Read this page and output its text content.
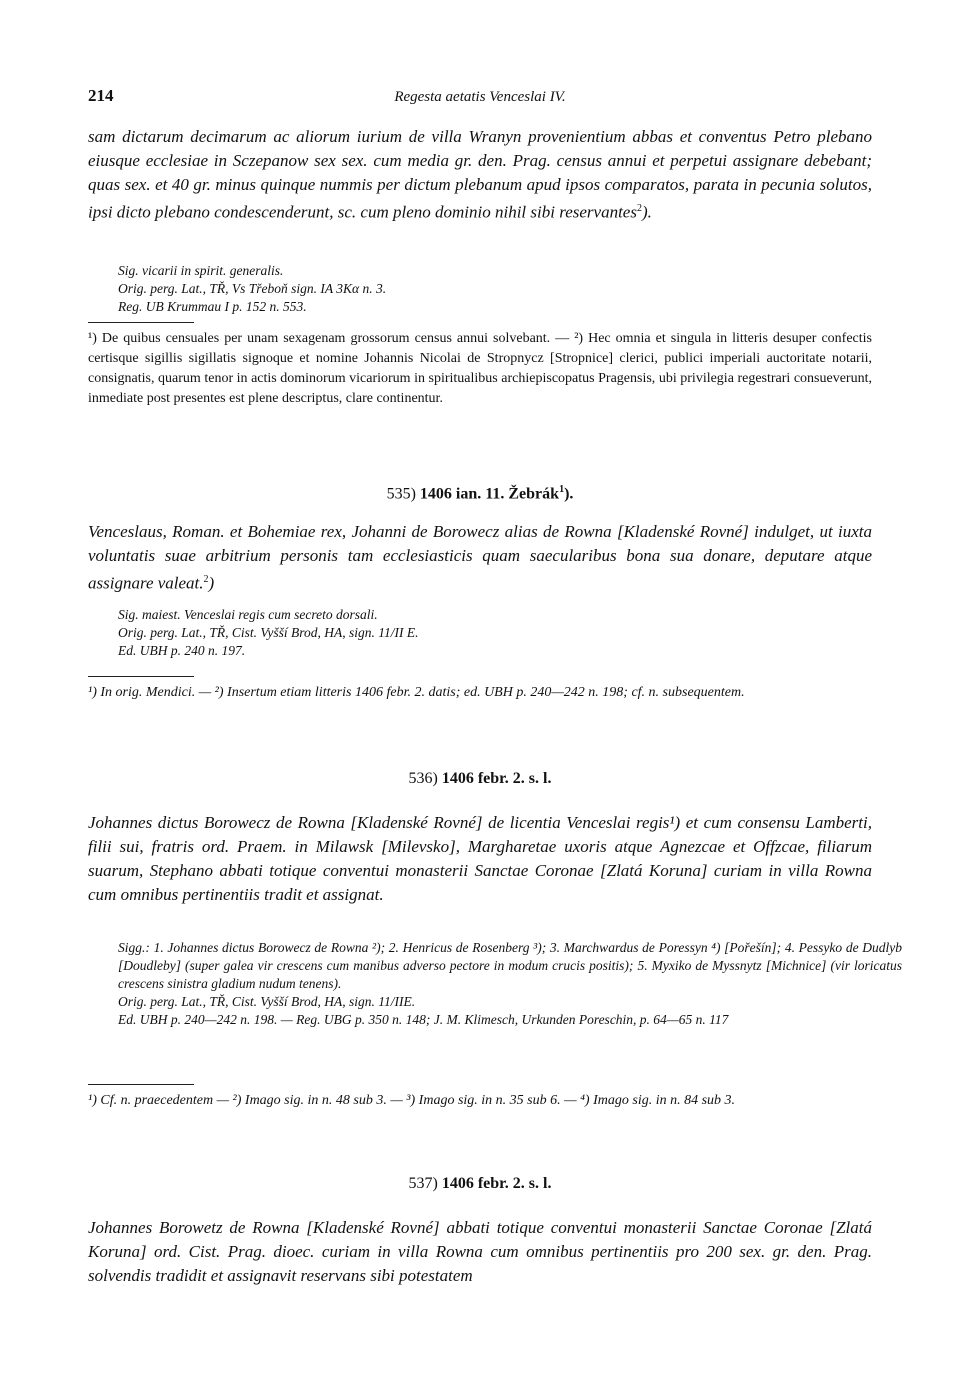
214	Regesta aetatis Venceslai IV.

sam dictarum decimarum ac aliorum iurium de villa Wranyn provenientium abbas et conventus Petro plebano eiusque ecclesiae in Sczepanow sex sex. cum media gr. den. Prag. census annui et perpetui assignare debebant; quas sex. et 40 gr. minus quinque nummis per dictum plebanum apud ipsos comparatos, parata in pecunia solutos, ipsi dicto plebano condescenderunt, sc. cum pleno dominio nihil sibi reservantes$^2$).

Sig. vicarii in spirit. generalis.
Orig. perg. Lat., TŘ, Vs Třeboň sign. IA 3Kα n. 3.
Reg. UB Krummau I p. 152 n. 553.

¹) De quibus censuales per unam sexagenam grossorum census annui solvebant. — ²) Hec omnia et singula in litteris desuper confectis certisque sigillis sigillatis signoque et nomine Johannis Nicolai de Stropnycz [Stropnice] clerici, publici imperiali auctoritate notarii, consignatis, quarum tenor in actis dominorum vicariorum in spiritualibus archiepiscopatus Pragensis, ubi privilegia regestrari consueverunt, inmediate post presentes est plene descriptus, clare continentur.

535) 1406 ian. 11. Žebrák$^1$).

Venceslaus, Roman. et Bohemiae rex, Johanni de Borowecz alias de Rowna [Kladenské Rovné] indulget, ut iuxta voluntatis suae arbitrium personis tam ecclesiasticis quam saecularibus bona sua donare, deputare atque assignare valeat.$^2$)

Sig. maiest. Venceslai regis cum secreto dorsali.
Orig. perg. Lat., TŘ, Cist. Vyšší Brod, HA, sign. 11/II E.
Ed. UBH p. 240 n. 197.

¹) In orig. Mendici. — ²) Insertum etiam litteris 1406 febr. 2. datis; ed. UBH p. 240—242 n. 198; cf. n. subsequentem.

536) 1406 febr. 2. s. l.

Johannes dictus Borowecz de Rowna [Kladenské Rovné] de licentia Venceslai regis¹) et cum consensu Lamberti, filii sui, fratris ord. Praem. in Milawsk [Milevsko], Margharetae uxoris atque Agnezcae et Offzcae, filiarum suarum, Stephano abbati totique conventui monasterii Sanctae Coronae [Zlatá Koruna] curiam in villa Rowna cum omnibus pertinentiis tradit et assignat.

Sigg.: 1. Johannes dictus Borowecz de Rowna ²); 2. Henricus de Rosenberg ³); 3. Marchwardus de Poressyn ⁴) [Pořešín]; 4. Pessyko de Dudlyb [Doudleby] (super galea vir crescens cum manibus adverso pectore in modum crucis positis); 5. Myxiko de Myssnytz [Michnice] (vir loricatus crescens sinistra gladium nudum tenens).
Orig. perg. Lat., TŘ, Cist. Vyšší Brod, HA, sign. 11/IIE.
Ed. UBH p. 240—242 n. 198. — Reg. UBG p. 350 n. 148; J. M. Klimesch, Urkunden Poreschin, p. 64—65 n. 117

¹) Cf. n. praecedentem — ²) Imago sig. in n. 48 sub 3. — ³) Imago sig. in n. 35 sub 6. — ⁴) Imago sig. in n. 84 sub 3.

537) 1406 febr. 2. s. l.

Johannes Borowetz de Rowna [Kladenské Rovné] abbati totique conventui monasterii Sanctae Coronae [Zlatá Koruna] ord. Cist. Prag. dioec. curiam in villa Rowna cum omnibus pertinentiis pro 200 sex. gr. den. Prag. solvendis tradidit et assignavit reservans sibi potestatem
